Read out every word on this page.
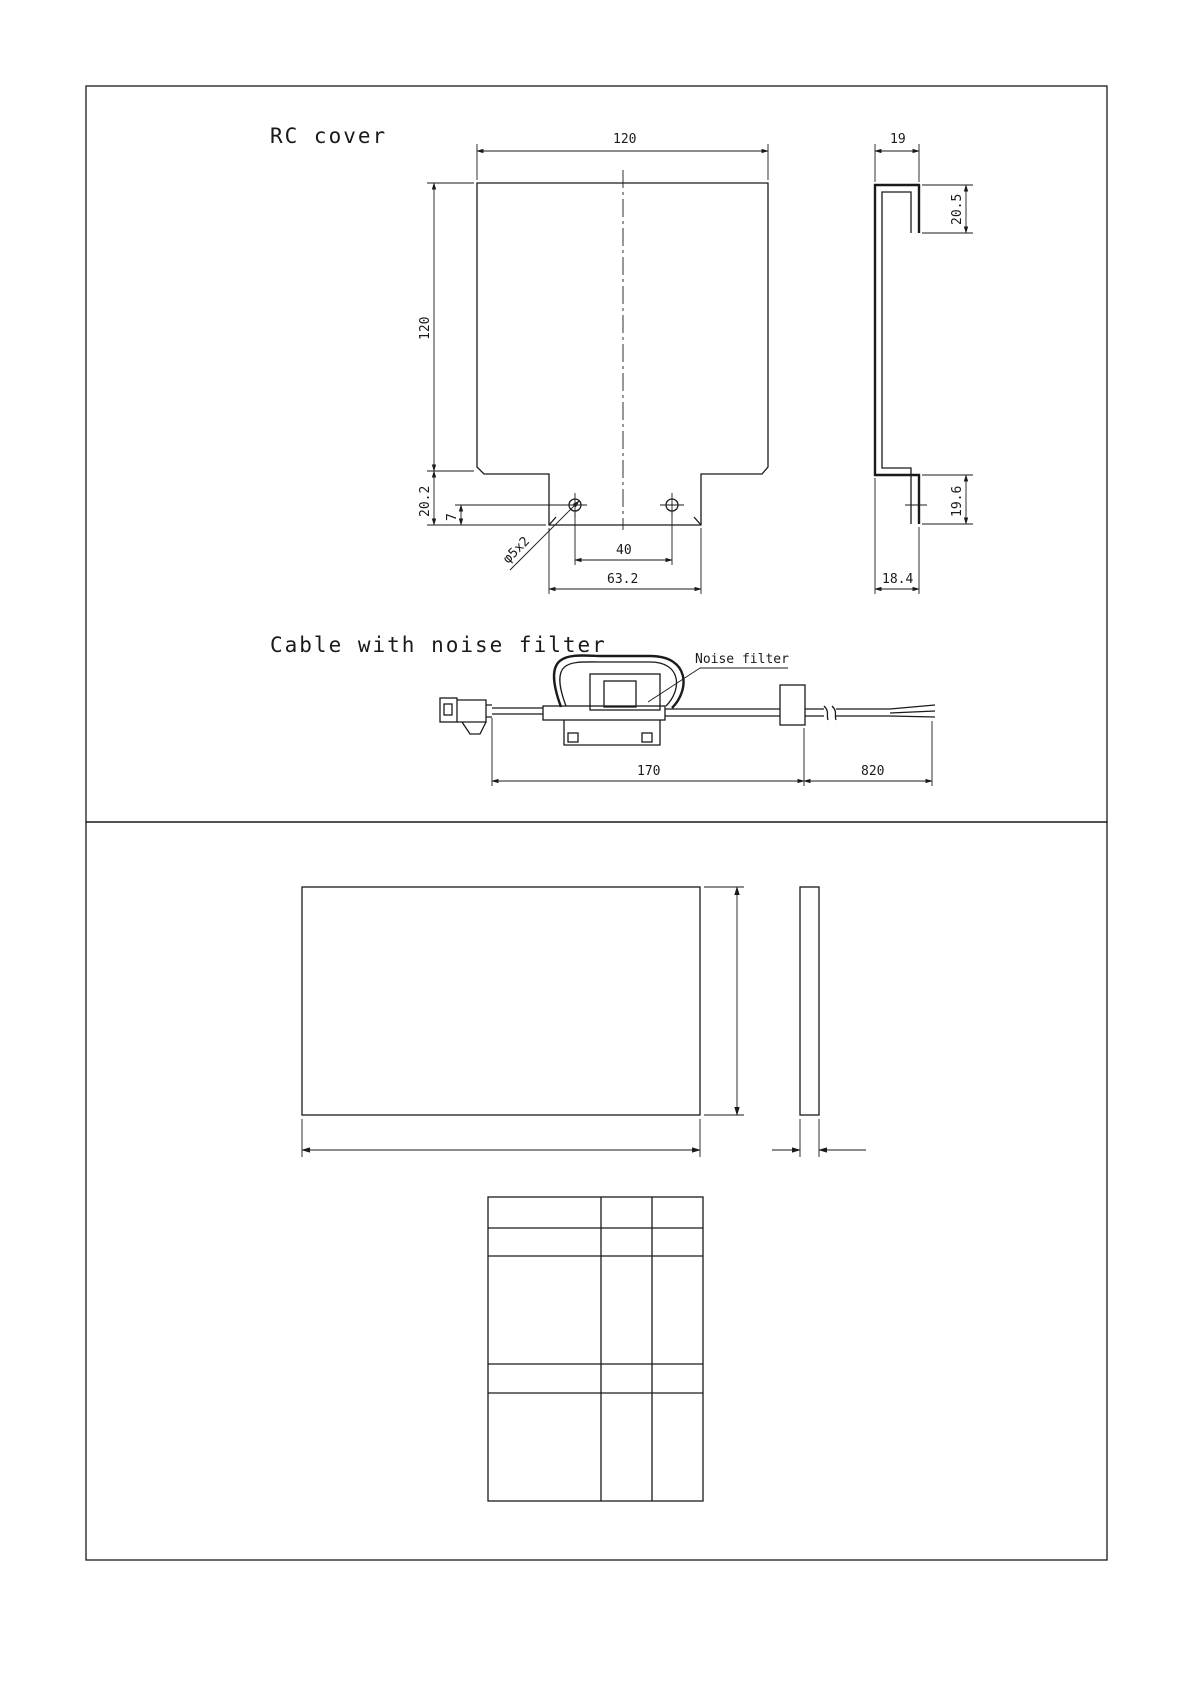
RC cover	120
120
20.2
7
φ5x2	40
63.2
19
20.5
19.6
18.4
Cable with noise filter
Noise filter
170	820
